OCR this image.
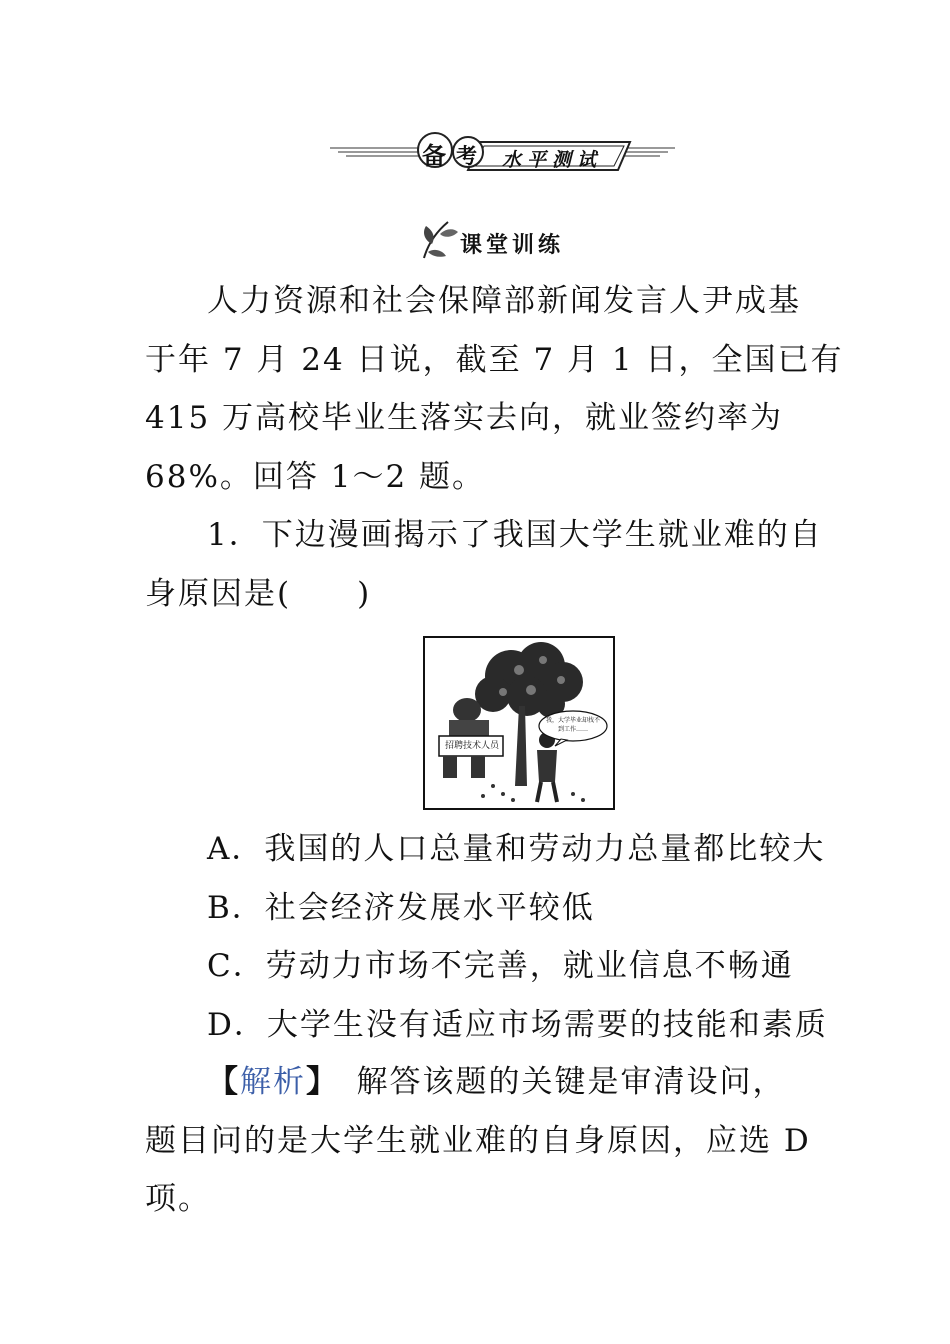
备 考 水平测试
课堂训练
人力资源和社会保障部新闻发言人尹成基
于年 7 月 24 日说，截至 7 月 1 日，全国已有
415 万高校毕业生落实去向，就业签约率为
68%。回答 1～2 题。
1．下边漫画揭示了我国大学生就业难的自
身原因是(　　)
招聘技术人员
我，大学毕业却找不到工作……
A．我国的人口总量和劳动力总量都比较大
B．社会经济发展水平较低
C．劳动力市场不完善，就业信息不畅通
D．大学生没有适应市场需要的技能和素质
【解析】　解答该题的关键是审清设问，
题目问的是大学生就业难的自身原因，应选 D
项。
